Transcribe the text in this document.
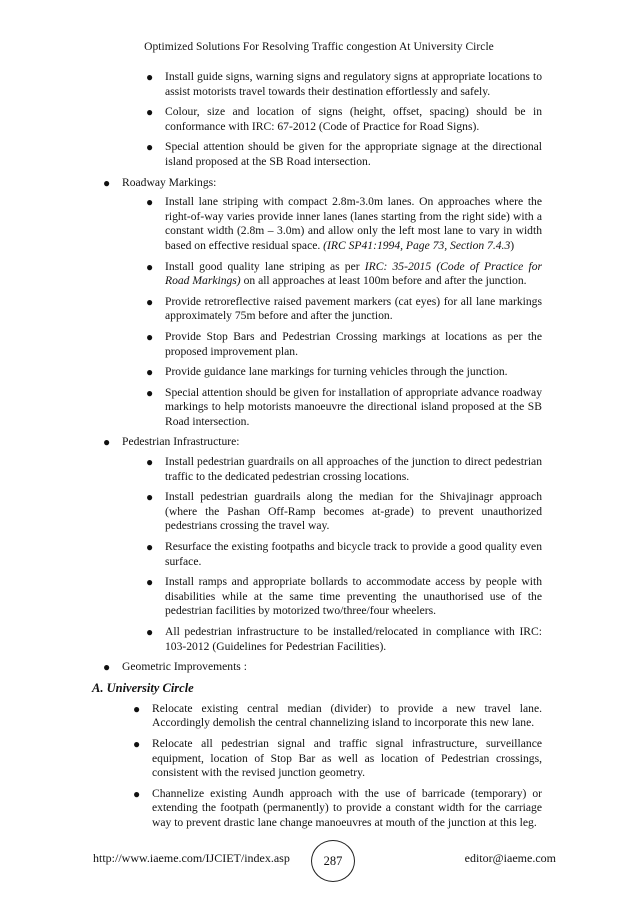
Optimized Solutions For Resolving Traffic congestion At University Circle
● Install guide signs, warning signs and regulatory signs at appropriate locations to assist motorists travel towards their destination effortlessly and safely.
● Colour, size and location of signs (height, offset, spacing) should be in conformance with IRC: 67-2012 (Code of Practice for Road Signs).
● Special attention should be given for the appropriate signage at the directional island proposed at the SB Road intersection.
● Roadway Markings:
● Install lane striping with compact 2.8m-3.0m lanes. On approaches where the right-of-way varies provide inner lanes (lanes starting from the right side) with a constant width (2.8m – 3.0m) and allow only the left most lane to vary in width based on effective residual space. (IRC SP41:1994, Page 73, Section 7.4.3)
● Install good quality lane striping as per IRC: 35-2015 (Code of Practice for Road Markings) on all approaches at least 100m before and after the junction.
● Provide retroreflective raised pavement markers (cat eyes) for all lane markings approximately 75m before and after the junction.
● Provide Stop Bars and Pedestrian Crossing markings at locations as per the proposed improvement plan.
● Provide guidance lane markings for turning vehicles through the junction.
● Special attention should be given for installation of appropriate advance roadway markings to help motorists manoeuvre the directional island proposed at the SB Road intersection.
● Pedestrian Infrastructure:
● Install pedestrian guardrails on all approaches of the junction to direct pedestrian traffic to the dedicated pedestrian crossing locations.
● Install pedestrian guardrails along the median for the Shivajinagr approach (where the Pashan Off-Ramp becomes at-grade) to prevent unauthorized pedestrians crossing the travel way.
● Resurface the existing footpaths and bicycle track to provide a good quality even surface.
● Install ramps and appropriate bollards to accommodate access by people with disabilities while at the same time preventing the unauthorised use of the pedestrian facilities by motorized two/three/four wheelers.
● All pedestrian infrastructure to be installed/relocated in compliance with IRC: 103-2012 (Guidelines for Pedestrian Facilities).
● Geometric Improvements :
A. University Circle
● Relocate existing central median (divider) to provide a new travel lane. Accordingly demolish the central channelizing island to incorporate this new lane.
● Relocate all pedestrian signal and traffic signal infrastructure, surveillance equipment, location of Stop Bar as well as location of Pedestrian crossings, consistent with the revised junction geometry.
● Channelize existing Aundh approach with the use of barricade (temporary) or extending the footpath (permanently) to provide a constant width for the carriage way to prevent drastic lane change manoeuvres at mouth of the junction at this leg.
http://www.iaeme.com/IJCIET/index.asp	287	editor@iaeme.com
